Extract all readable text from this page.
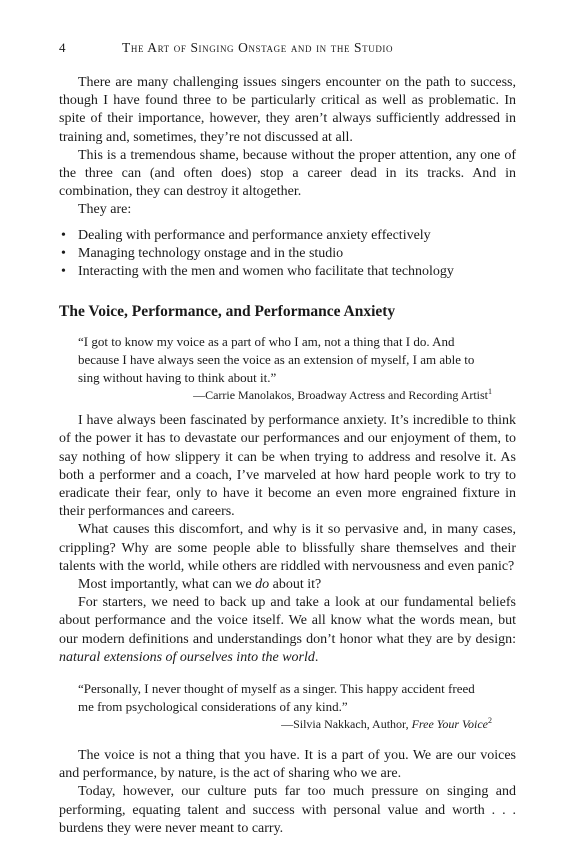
4	The Art of Singing Onstage and in the Studio

There are many challenging issues singers encounter on the path to success, though I have found three to be particularly critical as well as problematic. In spite of their importance, however, they aren’t always sufficiently addressed in training and, sometimes, they’re not discussed at all.

This is a tremendous shame, because without the proper attention, any one of the three can (and often does) stop a career dead in its tracks. And in combination, they can destroy it altogether.

They are:

• Dealing with performance and performance anxiety effectively
• Managing technology onstage and in the studio
• Interacting with the men and women who facilitate that technology
The Voice, Performance, and Performance Anxiety

“I got to know my voice as a part of who I am, not a thing that I do. And because I have always seen the voice as an extension of myself, I am able to sing without having to think about it.”

—Carrie Manolakos, Broadway Actress and Recording Artist$^1$

I have always been fascinated by performance anxiety. It’s incredible to think of the power it has to devastate our performances and our enjoyment of them, to say nothing of how slippery it can be when trying to address and resolve it. As both a performer and a coach, I’ve marveled at how hard people work to try to eradicate their fear, only to have it become an even more engrained fixture in their performances and careers.

What causes this discomfort, and why is it so pervasive and, in many cases, crippling? Why are some people able to blissfully share themselves and their talents with the world, while others are riddled with nervousness and even panic?

Most importantly, what can we do about it?

For starters, we need to back up and take a look at our fundamental beliefs about performance and the voice itself. We all know what the words mean, but our modern definitions and understandings don’t honor what they are by design: natural extensions of ourselves into the world.

“Personally, I never thought of myself as a singer. This happy accident freed me from psychological considerations of any kind.”

—Silvia Nakkach, Author, Free Your Voice$^2$

The voice is not a thing that you have. It is a part of you. We are our voices and performance, by nature, is the act of sharing who we are.

Today, however, our culture puts far too much pressure on singing and performing, equating talent and success with personal value and worth . . . burdens they were never meant to carry.
